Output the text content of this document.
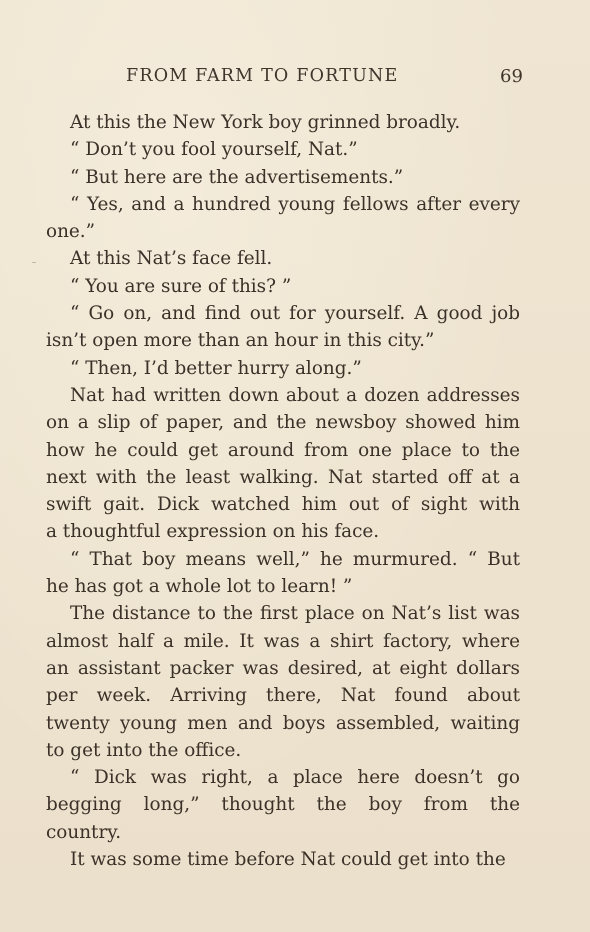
FROM FARM TO FORTUNE	69
At this the New York boy grinned broadly.
“ Don’t you fool yourself, Nat.”
“ But here are the advertisements.”
“ Yes, and a hundred young fellows after every
one.”
At this Nat’s face fell.
“ You are sure of this? ”
“ Go on, and find out for yourself. A good job
isn’t open more than an hour in this city.”
“ Then, I’d better hurry along.”
Nat had written down about a dozen addresses
on a slip of paper, and the newsboy showed him
how he could get around from one place to the
next with the least walking. Nat started off at a
swift gait. Dick watched him out of sight with
a thoughtful expression on his face.
“ That boy means well,” he murmured. “ But
he has got a whole lot to learn! ”
The distance to the first place on Nat’s list was
almost half a mile. It was a shirt factory, where
an assistant packer was desired, at eight dollars
per week. Arriving there, Nat found about
twenty young men and boys assembled, waiting
to get into the office.
“ Dick was right, a place here doesn’t go
begging long,” thought the boy from the
country.
It was some time before Nat could get into the
